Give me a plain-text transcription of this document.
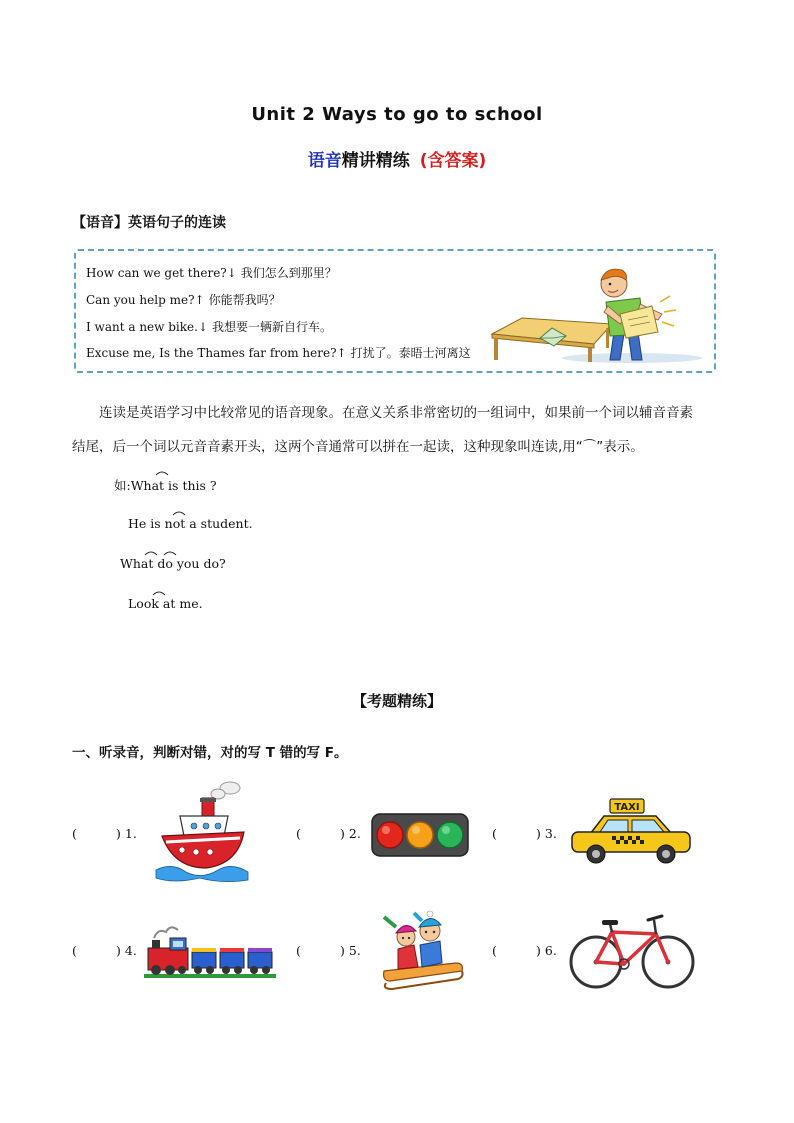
Unit 2 Ways to go to school
语音精讲精练 (含答案)
【语音】英语句子的连读
How can we get there?↓ 我们怎么到那里？
Can you help me?↑ 你能帮我吗？
I want a new bike.↓ 我想要一辆新自行车。
Excuse me, Is the Thames far from here?↑ 打扰了。泰晤士河离这

连读是英语学习中比较常见的语音现象。在意义关系非常密切的一组词中，如果前一个词以辅音音素

结尾，后一个词以元音音素开头，这两个音通常可以拼在一起读，这种现象叫连读,用“⌒”表示。

如:What is this ?
He is not a student.
What do you do?
Look at me.
【考题精练】
一、听录音，判断对错，对的写 T 错的写 F。
(	) 1.	(	) 2.	(	) 3.
(	) 4.	(	) 5.	(	) 6.
TAXI
